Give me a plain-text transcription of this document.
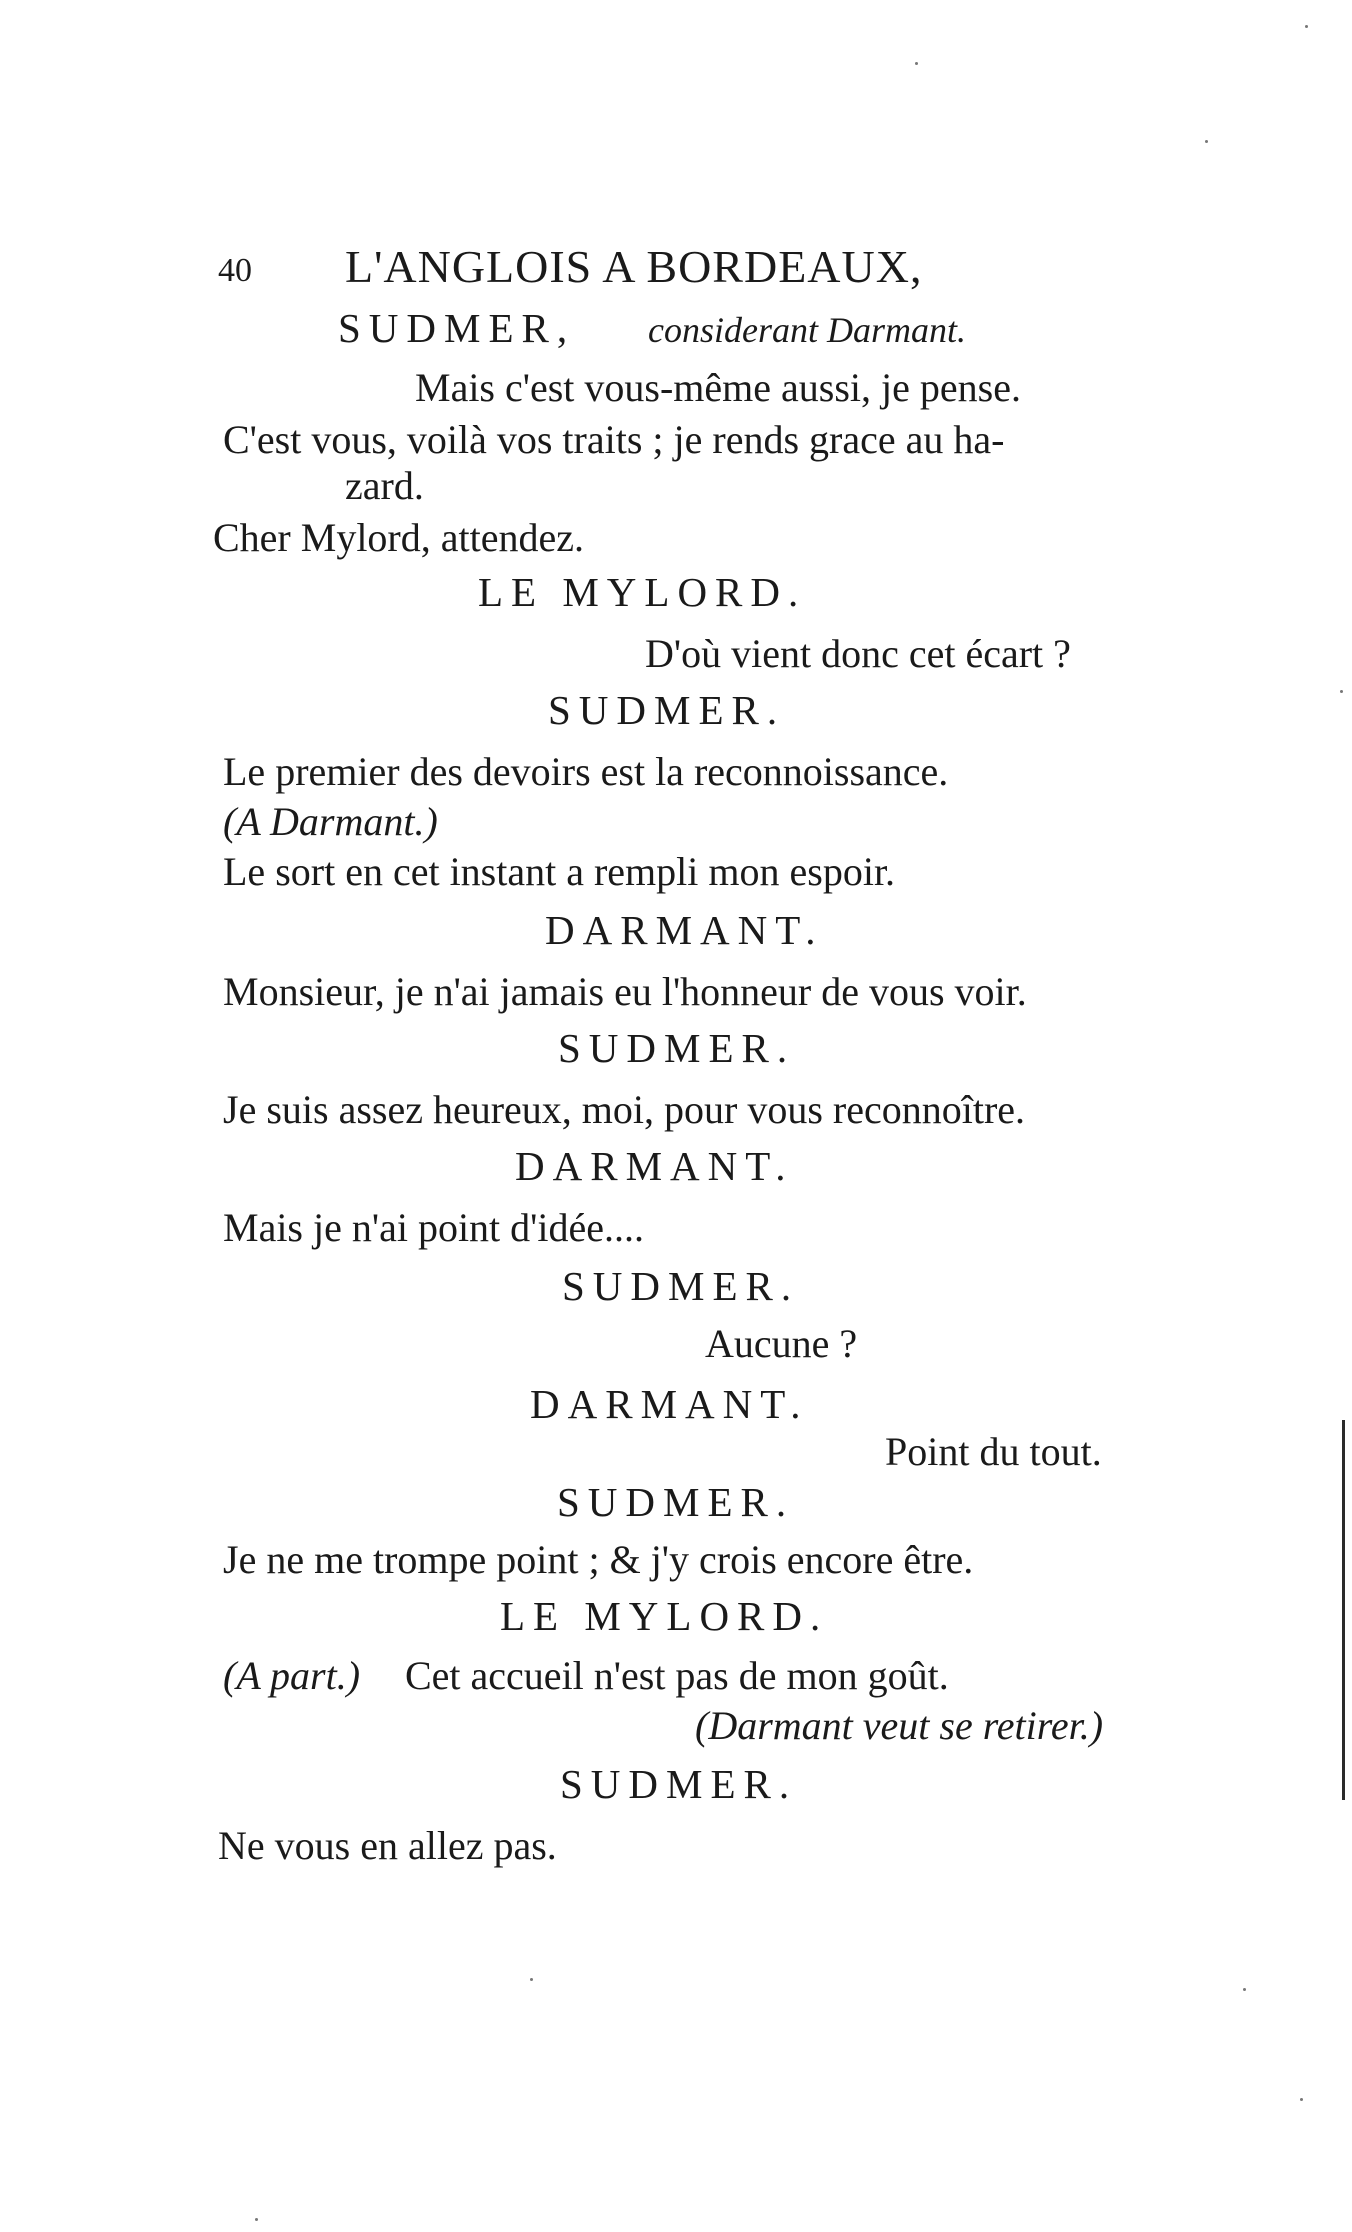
40 L'ANGLOIS A BORDEAUX,
SUDMER, considerant Darmant.
Mais c'est vous-même aussi, je pense.
C'est vous, voilà vos traits ; je rends grace au ha-
zard.
Cher Mylord, attendez.
LE MYLORD.
D'où vient donc cet écart ?
SUDMER.
Le premier des devoirs est la reconnoissance.
(A Darmant.)
Le sort en cet instant a rempli mon espoir.
DARMANT.
Monsieur, je n'ai jamais eu l'honneur de vous voir.
SUDMER.
Je suis assez heureux, moi, pour vous reconnoître.
DARMANT.
Mais je n'ai point d'idée....
SUDMER.
Aucune ?
DARMANT.
Point du tout.
SUDMER.
Je ne me trompe point ; & j'y crois encore être.
LE MYLORD.
(A part.) Cet accueil n'est pas de mon goût.
(Darmant veut se retirer.)
SUDMER.
Ne vous en allez pas.
